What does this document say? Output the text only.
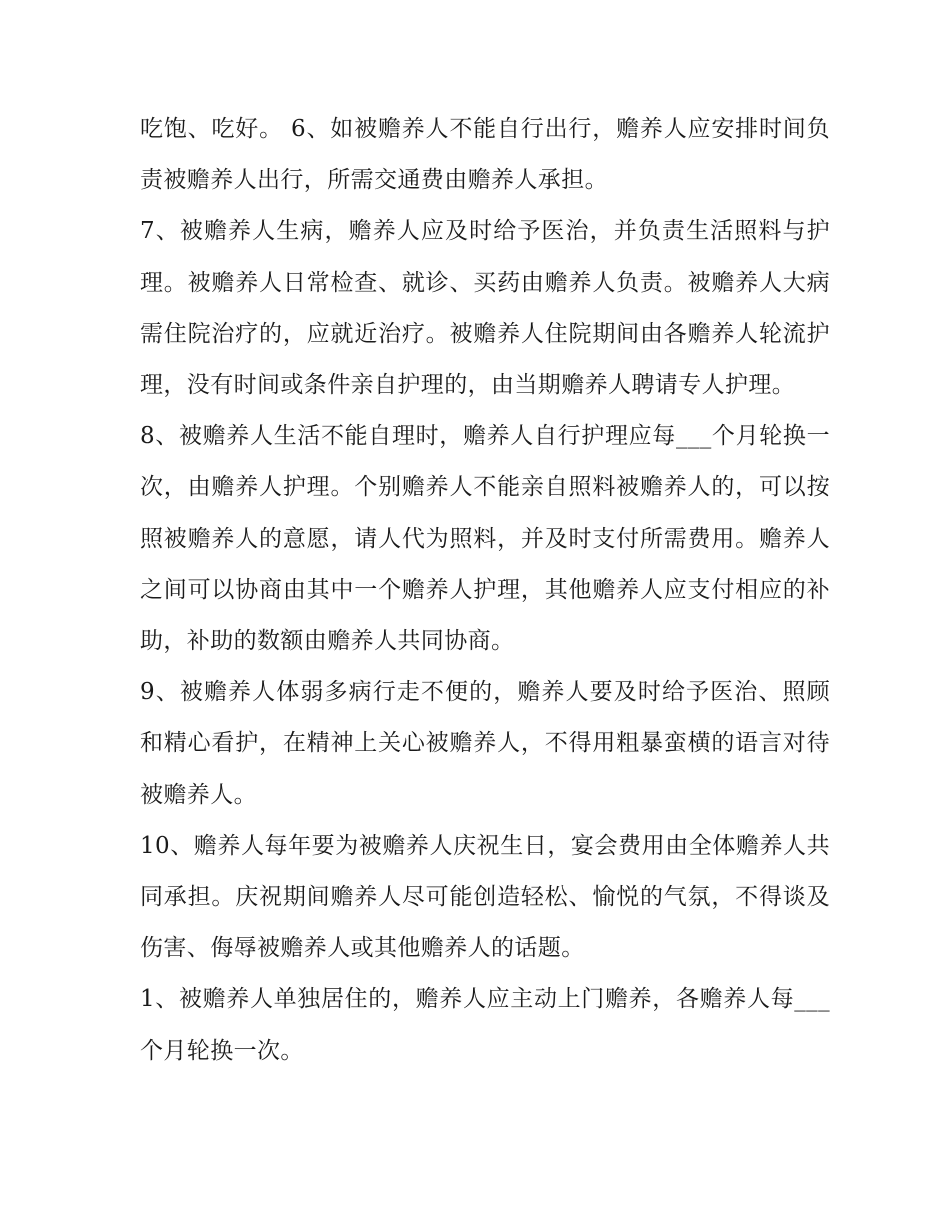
吃饱、吃好。 6、如被赡养人不能自行出行，赡养人应安排时间负责被赡养人出行，所需交通费由赡养人承担。

7、被赡养人生病，赡养人应及时给予医治，并负责生活照料与护理。被赡养人日常检查、就诊、买药由赡养人负责。被赡养人大病需住院治疗的，应就近治疗。被赡养人住院期间由各赡养人轮流护理，没有时间或条件亲自护理的，由当期赡养人聘请专人护理。

8、被赡养人生活不能自理时，赡养人自行护理应每___个月轮换一次，由赡养人护理。个别赡养人不能亲自照料被赡养人的，可以按照被赡养人的意愿，请人代为照料，并及时支付所需费用。赡养人之间可以协商由其中一个赡养人护理，其他赡养人应支付相应的补助，补助的数额由赡养人共同协商。

9、被赡养人体弱多病行走不便的，赡养人要及时给予医治、照顾和精心看护，在精神上关心被赡养人，不得用粗暴蛮横的语言对待被赡养人。

10、赡养人每年要为被赡养人庆祝生日，宴会费用由全体赡养人共同承担。庆祝期间赡养人尽可能创造轻松、愉悦的气氛，不得谈及伤害、侮辱被赡养人或其他赡养人的话题。

1、被赡养人单独居住的，赡养人应主动上门赡养，各赡养人每___个月轮换一次。
